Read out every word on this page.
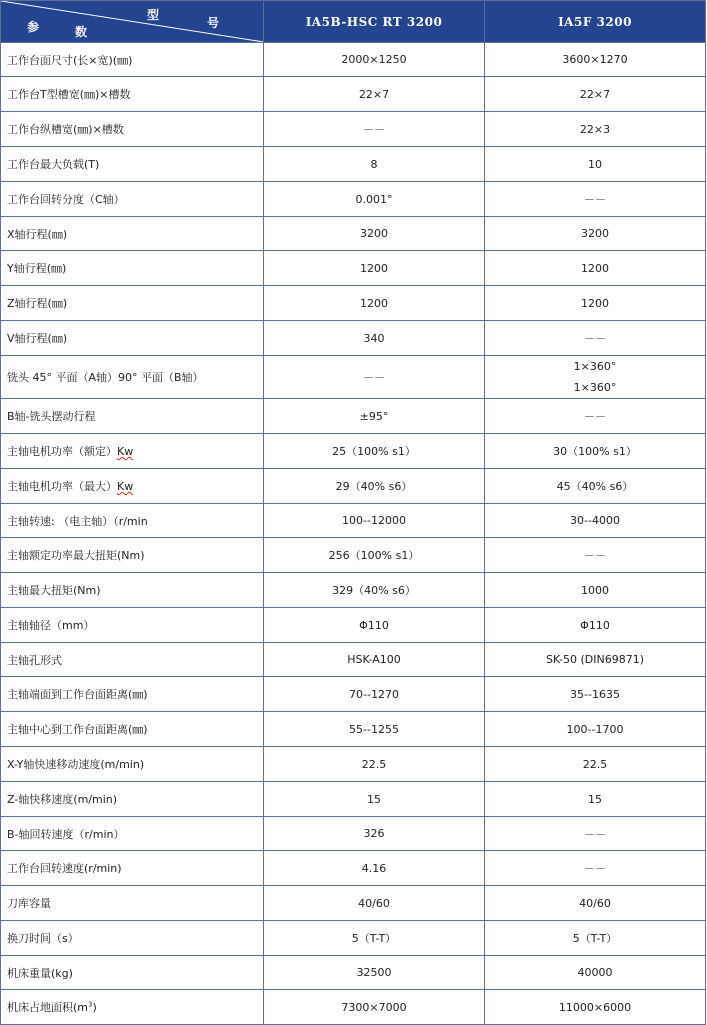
型
号
参 数	IA5B-HSC RT 3200	IA5F 3200
工作台面尺寸(长×宽)(㎜)	2000×1250	3600×1270
工作台T型槽宽(㎜)×槽数	22×7	22×7
工作台纵槽宽(㎜)×槽数	－－	22×3
工作台最大负载(T)	8	10
工作台回转分度（C轴）	0.001°	－－
X轴行程(㎜)	3200	3200
Y轴行程(㎜)	1200	1200
Z轴行程(㎜)	1200	1200
V轴行程(㎜)	340	－－
铣头 45° 平面（A轴）90° 平面（B轴）	－－	1×360°
1×360°

B轴-铣头摆动行程	±95°	－－
主轴电机功率（额定）Kw	25（100% s1）	30（100% s1）
主轴电机功率（最大）Kw	29（40% s6）	45（40% s6）
主轴转速: （电主轴）（r/min	100--12000	30--4000
主轴额定功率最大扭矩(Nm)	256（100% s1）	－－
主轴最大扭矩(Nm)	329（40% s6）	1000
主轴轴径（mm）	Φ110	Φ110
主轴孔形式	HSK-A100	SK-50 (DIN69871)
主轴端面到工作台面距离(㎜)	70--1270	35--1635
主轴中心到工作台面距离(㎜)	55--1255	100--1700
X-Y轴快速移动速度(m/min)	22.5	22.5
Z-轴快移速度(m/min)	15	15
B-轴回转速度（r/min）	326	－－
工作台回转速度(r/min)	4.16	－－
刀库容量	40/60	40/60
换刀时间（s）	5（T-T）	5（T-T）
机床重量(kg)	32500	40000
机床占地面积$(m^3)$	7300×7000	11000×6000
